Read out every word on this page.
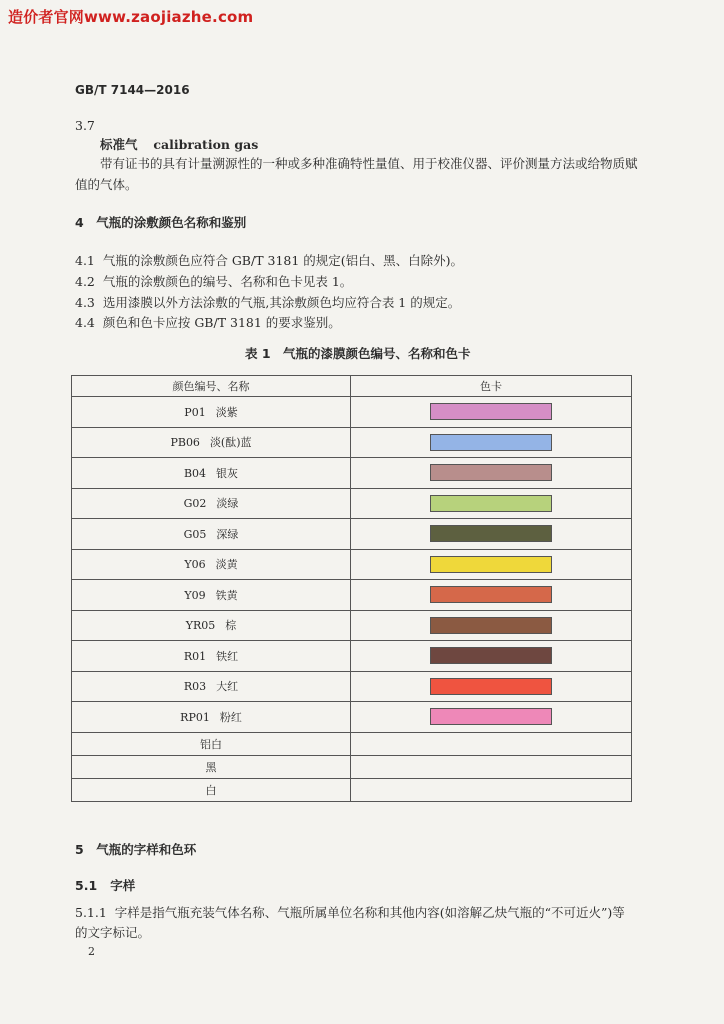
造价者官网www.zaojiazhe.com
GB/T 7144—2016
3.7
标准气 calibration gas
带有证书的具有计量溯源性的一种或多种准确特性量值、用于校准仪器、评价测量方法或给物质赋
值的气体。
4　气瓶的涂敷颜色名称和鉴别
4.1 气瓶的涂敷颜色应符合 GB/T 3181 的规定(铝白、黑、白除外)。
4.2 气瓶的涂敷颜色的编号、名称和色卡见表 1。
4.3 选用漆膜以外方法涂敷的气瓶,其涂敷颜色均应符合表 1 的规定。
4.4 颜色和色卡应按 GB/T 3181 的要求鉴别。
表 1　气瓶的漆膜颜色编号、名称和色卡
颜色编号、名称	色卡
P01 淡紫	
PB06 淡(酞)蓝	
B04 银灰	
G02 淡绿	
G05 深绿	
Y06 淡黄	
Y09 铁黄	
YR05 棕	
R01 铁红	
R03 大红	
RP01 粉红	
铝白	
黑	
白	
5　气瓶的字样和色环
5.1 字样
5.1.1 字样是指气瓶充装气体名称、气瓶所属单位名称和其他内容(如溶解乙炔气瓶的“不可近火”)等
的文字标记。
2
